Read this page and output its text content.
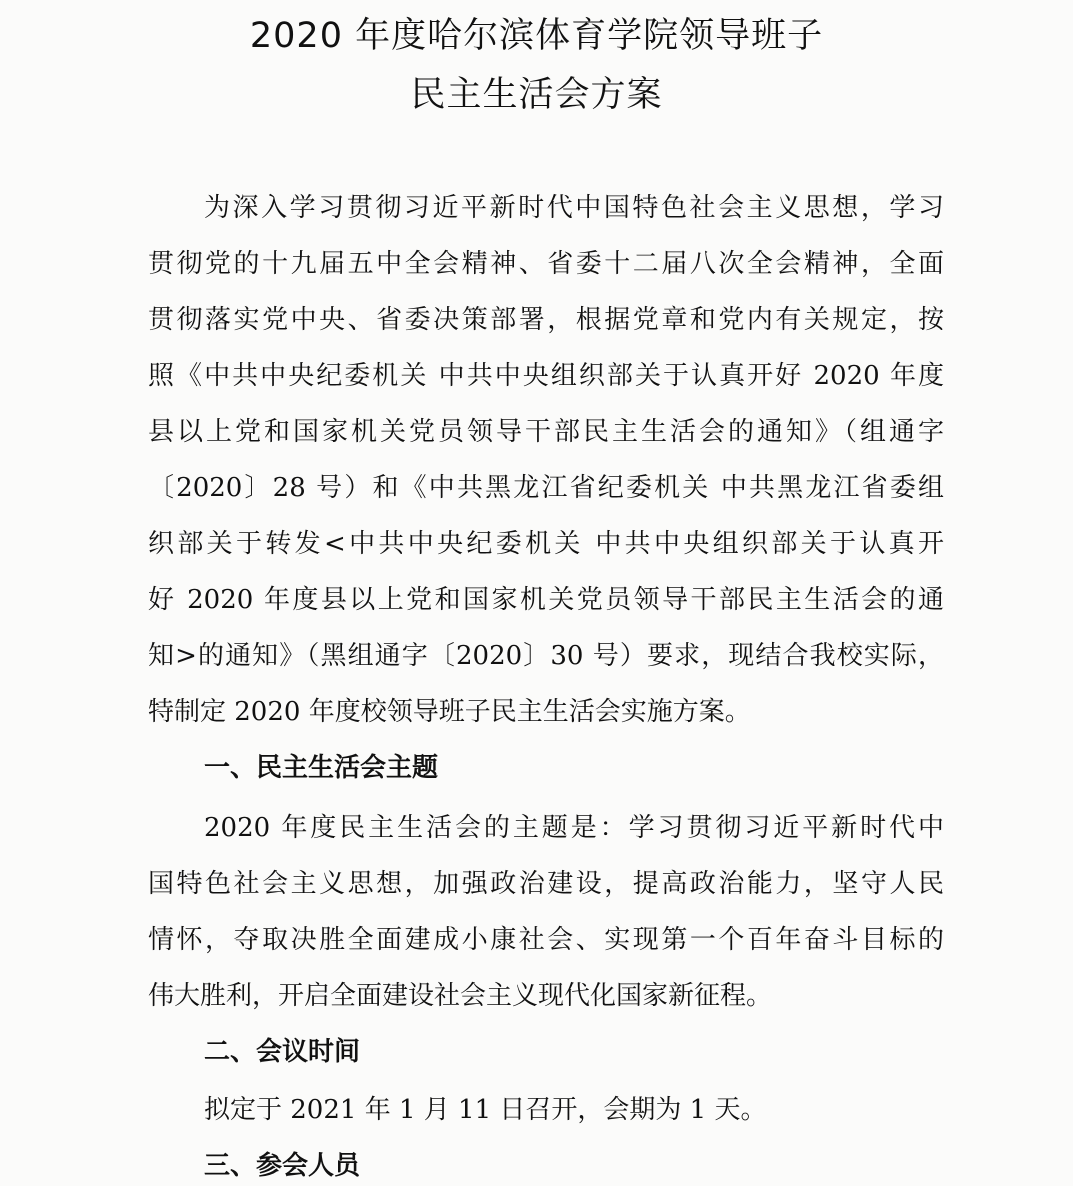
2020 年度哈尔滨体育学院领导班子
民主生活会方案
为深入学习贯彻习近平新时代中国特色社会主义思想，学习
贯彻党的十九届五中全会精神、省委十二届八次全会精神，全面
贯彻落实党中央、省委决策部署，根据党章和党内有关规定，按
照《中共中央纪委机关 中共中央组织部关于认真开好 2020 年度
县以上党和国家机关党员领导干部民主生活会的通知》（组通字
〔2020〕28 号）和《中共黑龙江省纪委机关 中共黑龙江省委组
织部关于转发<中共中央纪委机关 中共中央组织部关于认真开
好 2020 年度县以上党和国家机关党员领导干部民主生活会的通
知>的通知》（黑组通字〔2020〕30 号）要求，现结合我校实际，
特制定 2020 年度校领导班子民主生活会实施方案。
一、民主生活会主题
2020 年度民主生活会的主题是：学习贯彻习近平新时代中
国特色社会主义思想，加强政治建设，提高政治能力，坚守人民
情怀，夺取决胜全面建成小康社会、实现第一个百年奋斗目标的
伟大胜利，开启全面建设社会主义现代化国家新征程。
二、会议时间
拟定于 2021 年 1 月 11 日召开，会期为 1 天。
三、参会人员
